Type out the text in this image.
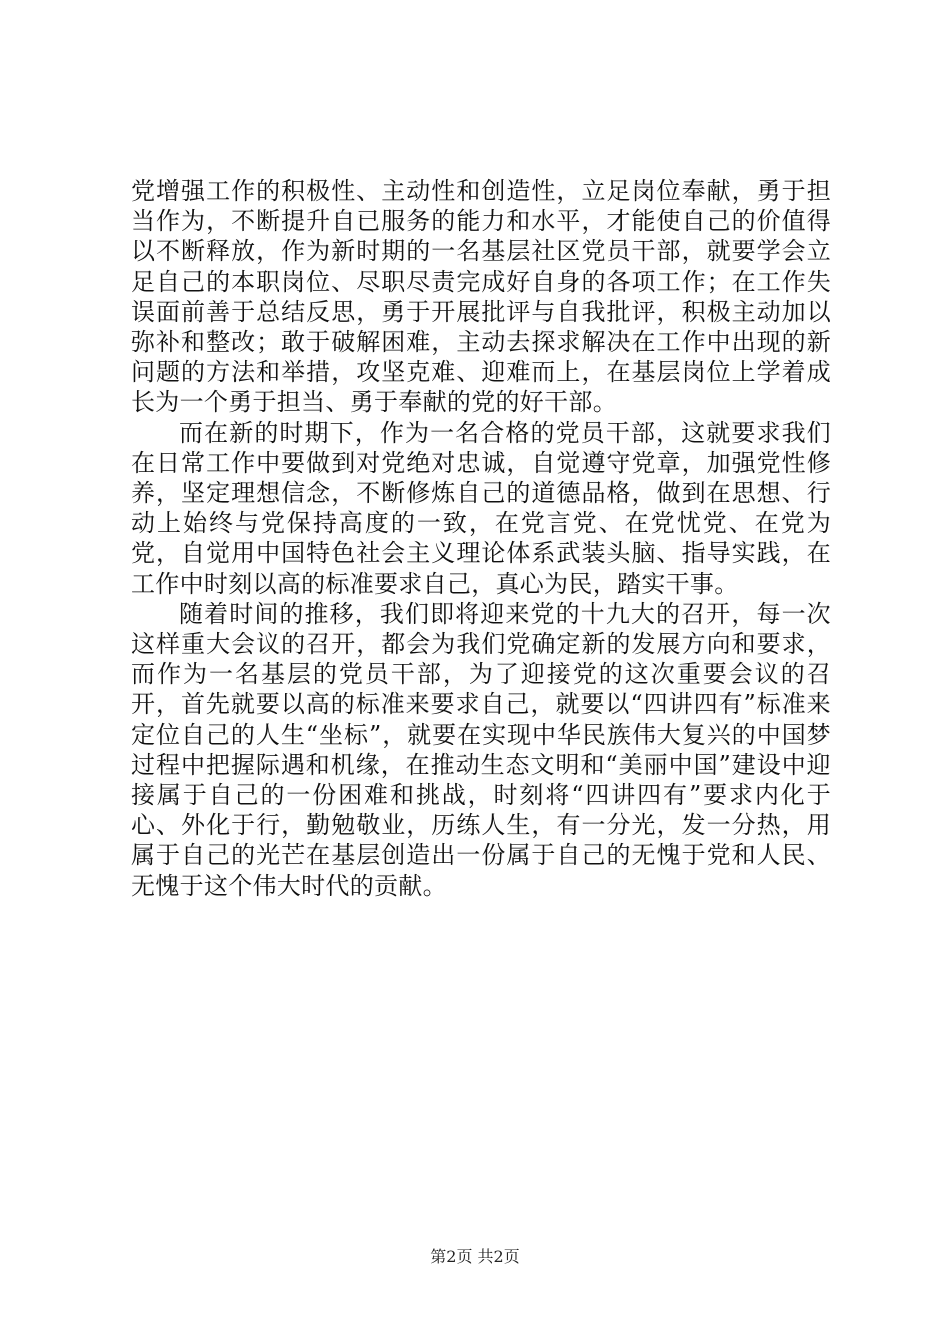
党增强工作的积极性、主动性和创造性，立足岗位奉献，勇于担当作为，不断提升自已服务的能力和水平，才能使自己的价值得以不断释放，作为新时期的一名基层社区党员干部，就要学会立足自己的本职岗位、尽职尽责完成好自身的各项工作；在工作失误面前善于总结反思，勇于开展批评与自我批评，积极主动加以弥补和整改；敢于破解困难，主动去探求解决在工作中出现的新问题的方法和举措，攻坚克难、迎难而上，在基层岗位上学着成长为一个勇于担当、勇于奉献的党的好干部。

而在新的时期下，作为一名合格的党员干部，这就要求我们在日常工作中要做到对党绝对忠诚，自觉遵守党章，加强党性修养，坚定理想信念，不断修炼自己的道德品格，做到在思想、行动上始终与党保持高度的一致，在党言党、在党忧党、在党为党，自觉用中国特色社会主义理论体系武装头脑、指导实践，在工作中时刻以高的标准要求自己，真心为民，踏实干事。

随着时间的推移，我们即将迎来党的十九大的召开，每一次这样重大会议的召开，都会为我们党确定新的发展方向和要求，而作为一名基层的党员干部，为了迎接党的这次重要会议的召开，首先就要以高的标准来要求自己，就要以“四讲四有”标准来定位自己的人生“坐标”，就要在实现中华民族伟大复兴的中国梦过程中把握际遇和机缘，在推动生态文明和“美丽中国”建设中迎接属于自己的一份困难和挑战，时刻将“四讲四有”要求内化于心、外化于行，勤勉敬业，历练人生，有一分光，发一分热，用属于自己的光芒在基层创造出一份属于自己的无愧于党和人民、无愧于这个伟大时代的贡献。

第2页 共2页
